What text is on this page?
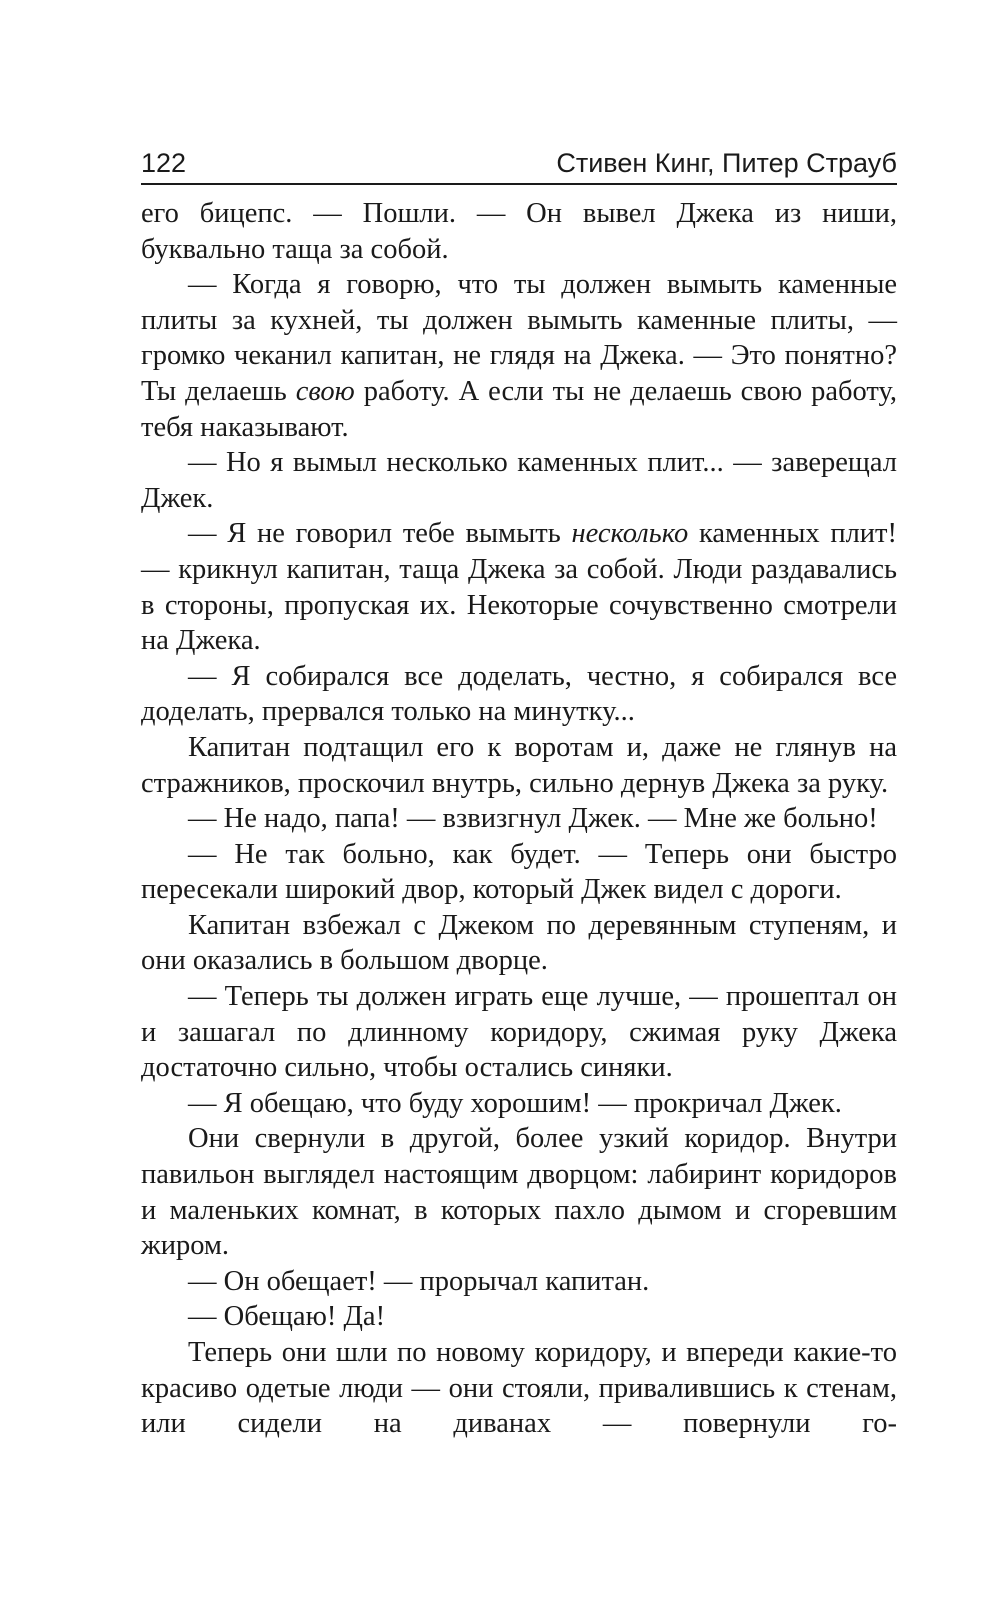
122	Стивен Кинг, Питер Страуб

его бицепс. — Пошли. — Он вывел Джека из ниши, буквально таща за собой.

— Когда я говорю, что ты должен вымыть каменные плиты за кухней, ты должен вымыть каменные плиты, — громко чеканил капитан, не глядя на Джека. — Это понятно? Ты делаешь свою работу. А если ты не делаешь свою работу, тебя наказывают.

— Но я вымыл несколько каменных плит... — заверещал Джек.

— Я не говорил тебе вымыть несколько каменных плит! — крикнул капитан, таща Джека за собой. Люди раздавались в стороны, пропуская их. Некоторые сочувственно смотрели на Джека.

— Я собирался все доделать, честно, я собирался все доделать, прервался только на минутку...

Капитан подтащил его к воротам и, даже не глянув на стражников, проскочил внутрь, сильно дернув Джека за руку.

— Не надо, папа! — взвизгнул Джек. — Мне же больно!

— Не так больно, как будет. — Теперь они быстро пересекали широкий двор, который Джек видел с дороги.

Капитан взбежал с Джеком по деревянным ступеням, и они оказались в большом дворце.

— Теперь ты должен играть еще лучше, — прошептал он и зашагал по длинному коридору, сжимая руку Джека достаточно сильно, чтобы остались синяки.

— Я обещаю, что буду хорошим! — прокричал Джек.

Они свернули в другой, более узкий коридор. Внутри павильон выглядел настоящим дворцом: лабиринт коридоров и маленьких комнат, в которых пахло дымом и сгоревшим жиром.

— Он обещает! — прорычал капитан.

— Обещаю! Да!

Теперь они шли по новому коридору, и впереди какие-то красиво одетые люди — они стояли, привалившись к стенам, или сидели на диванах — повернули го-
